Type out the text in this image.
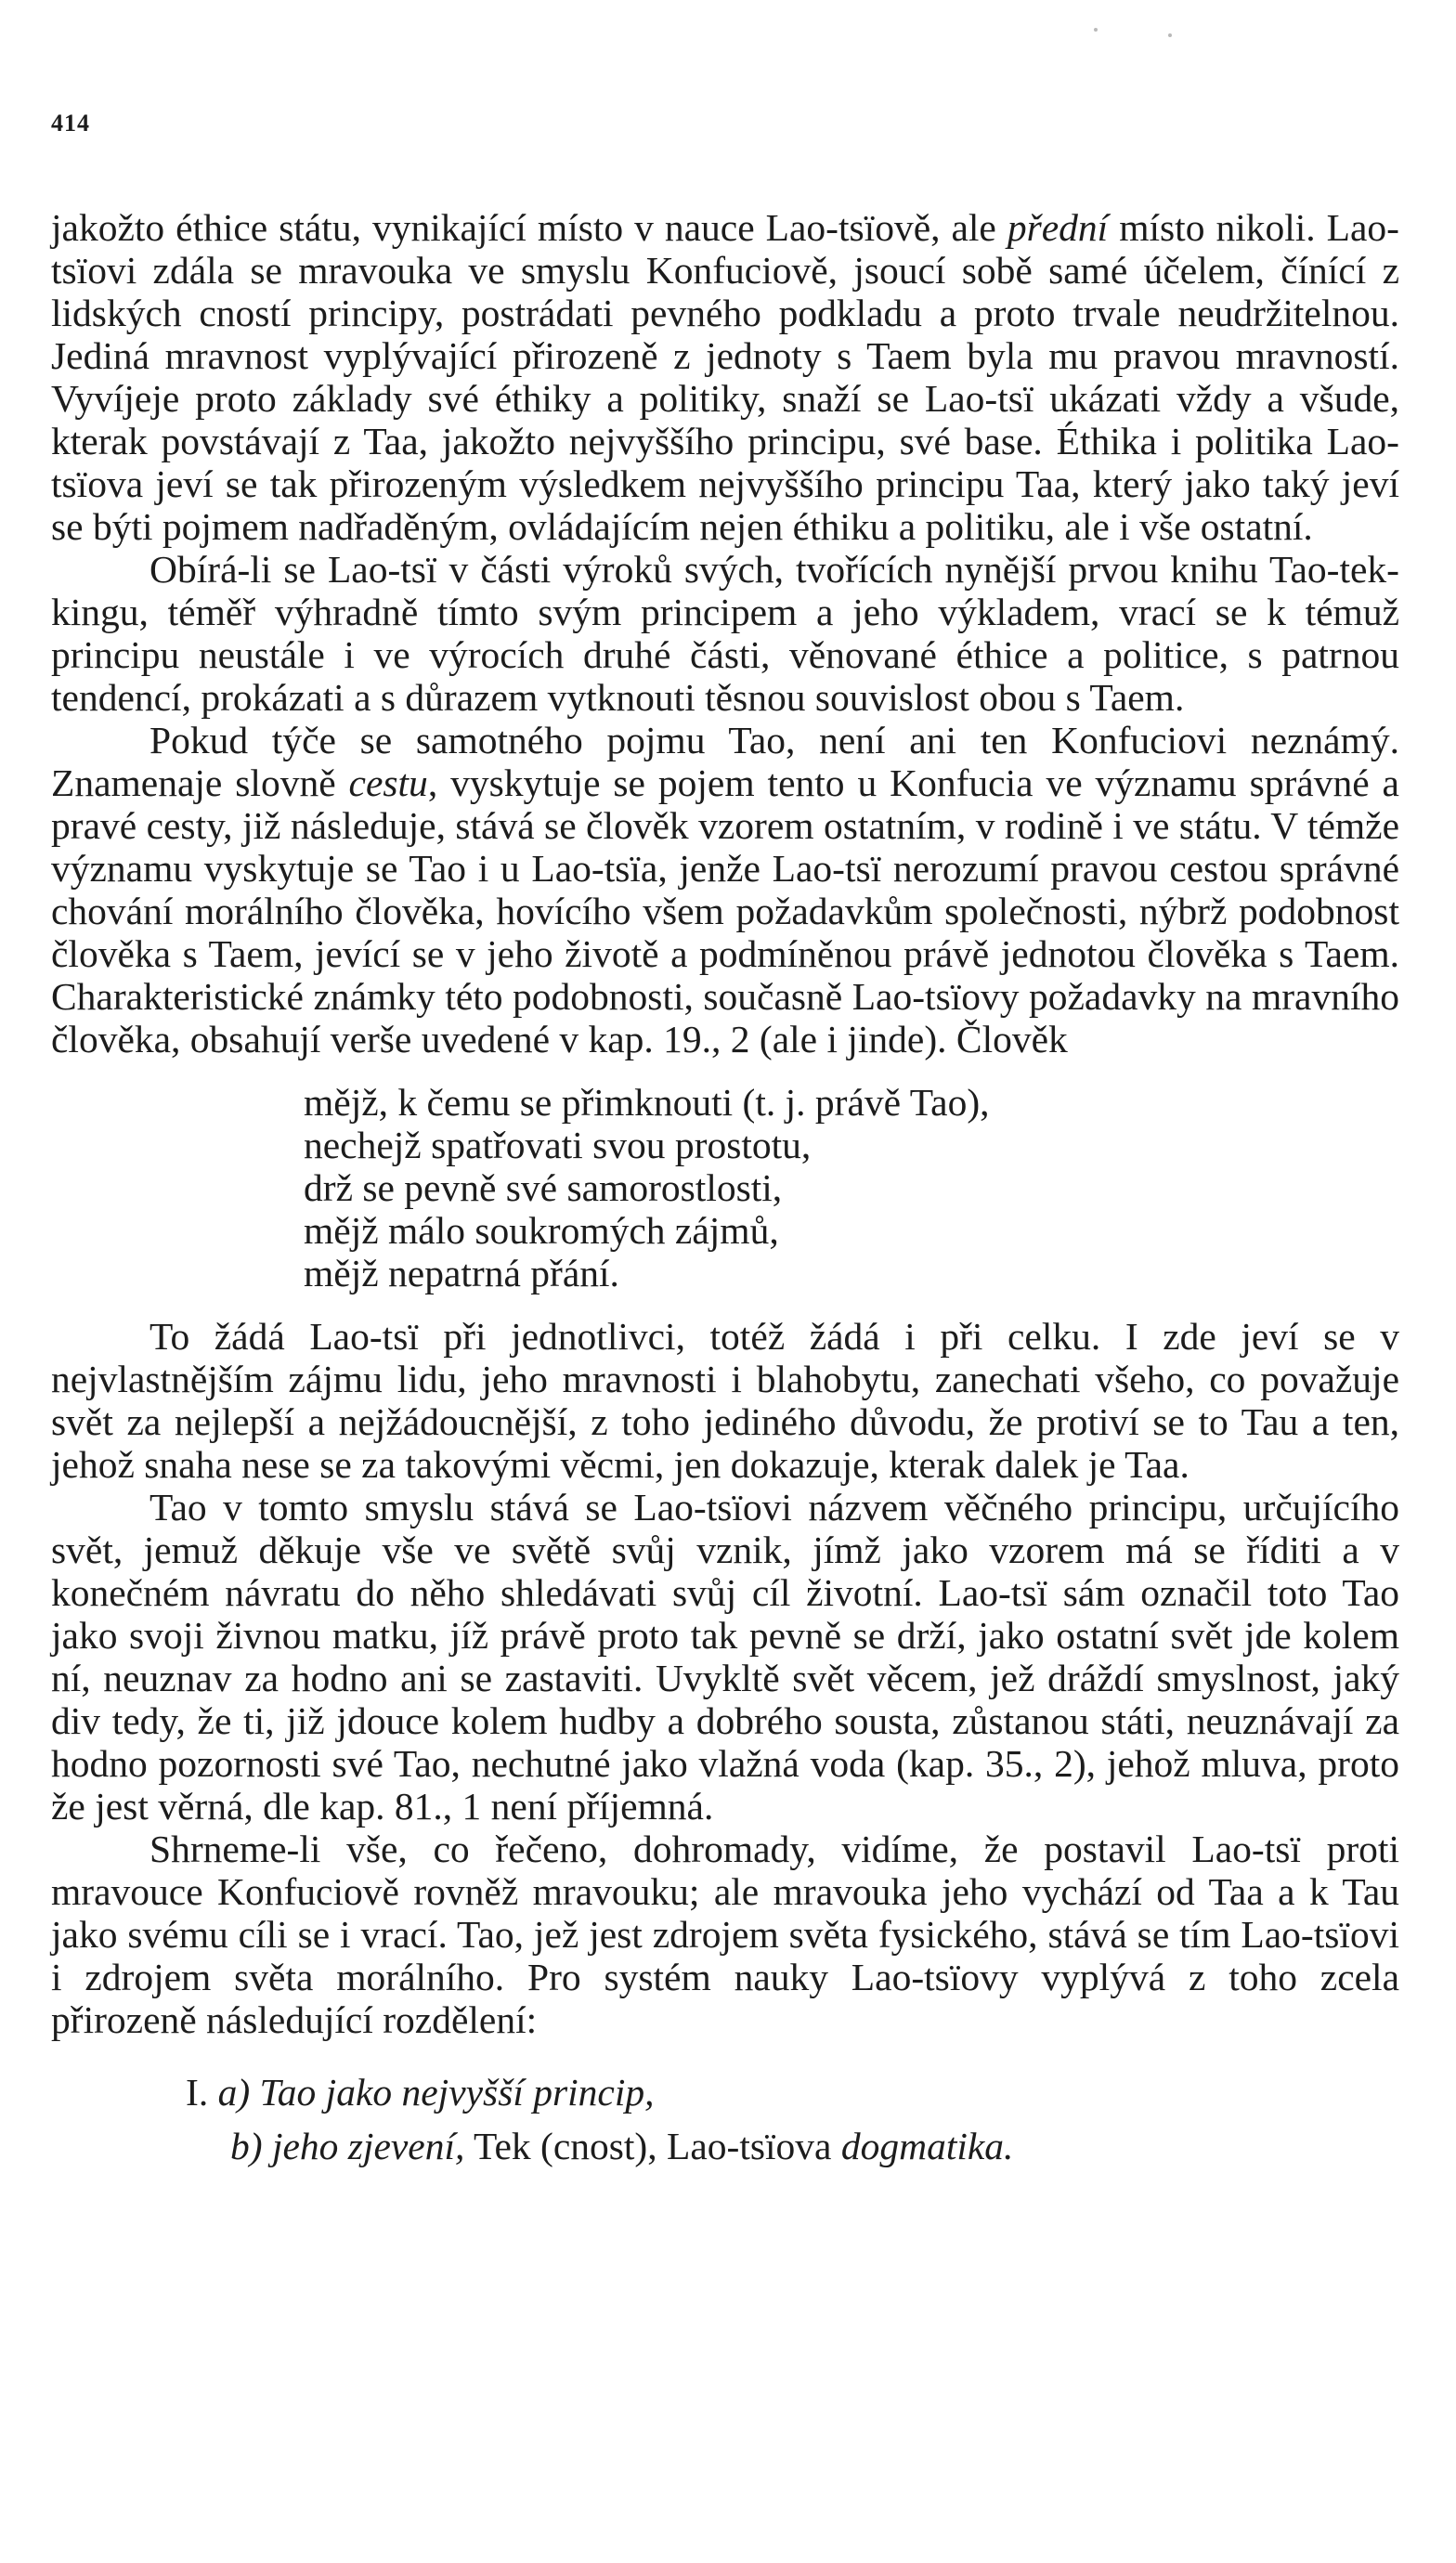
414

jakožto éthice státu, vynikající místo v nauce Lao-tsïově, ale přední místo nikoli. Lao-tsïovi zdála se mravouka ve smyslu Konfuciově, jsoucí sobě samé účelem, čínící z lidských cností principy, postrádati pevného podkladu a proto trvale neudržitelnou. Jediná mravnost vyplývající přirozeně z jednoty s Taem byla mu pravou mravností. Vyvíjeje proto základy své éthiky a politiky, snaží se Lao-tsï ukázati vždy a všude, kterak povstávají z Taa, jakožto nejvyššího principu, své base. Éthika i politika Lao-tsïova jeví se tak přirozeným výsledkem nejvyššího principu Taa, který jako taký jeví se býti pojmem nadřaděným, ovládajícím nejen éthiku a politiku, ale i vše ostatní.

Obírá-li se Lao-tsï v části výroků svých, tvořících nynější prvou knihu Tao-tek-kingu, téměř výhradně tímto svým principem a jeho výkladem, vrací se k témuž principu neustále i ve výrocích druhé části, věnované éthice a politice, s patrnou tendencí, prokázati a s důrazem vytknouti těsnou souvislost obou s Taem.

Pokud týče se samotného pojmu Tao, není ani ten Konfuciovi neznámý. Znamenaje slovně cestu, vyskytuje se pojem tento u Konfucia ve významu správné a pravé cesty, již následuje, stává se člověk vzorem ostatním, v rodině i ve státu. V témže významu vyskytuje se Tao i u Lao-tsïa, jenže Lao-tsï nerozumí pravou cestou správné chování morálního člověka, hovícího všem požadavkům společnosti, nýbrž podobnost člověka s Taem, jevící se v jeho životě a podmíněnou právě jednotou člověka s Taem. Charakteristické známky této podobnosti, současně Lao-tsïovy požadavky na mravního člověka, obsahují verše uvedené v kap. 19., 2 (ale i jinde). Člověk

mějž, k čemu se přimknouti (t. j. právě Tao),
nechejž spatřovati svou prostotu,
drž se pevně své samorostlosti,
mějž málo soukromých zájmů,
mějž nepatrná přání.

To žádá Lao-tsï při jednotlivci, totéž žádá i při celku. I zde jeví se v nejvlastnějším zájmu lidu, jeho mravnosti i blahobytu, zanechati všeho, co považuje svět za nejlepší a nejžádoucnější, z toho jediného důvodu, že protiví se to Tau a ten, jehož snaha nese se za takovými věcmi, jen dokazuje, kterak dalek je Taa.

Tao v tomto smyslu stává se Lao-tsïovi názvem věčného principu, určujícího svět, jemuž děkuje vše ve světě svůj vznik, jímž jako vzorem má se říditi a v konečném návratu do něho shledávati svůj cíl životní. Lao-tsï sám označil toto Tao jako svoji živnou matku, jíž právě proto tak pevně se drží, jako ostatní svět jde kolem ní, neuznav za hodno ani se zastaviti. Uvykltě svět věcem, jež dráždí smyslnost, jaký div tedy, že ti, již jdouce kolem hudby a dobrého sousta, zůstanou státi, neuznávají za hodno pozornosti své Tao, nechutné jako vlažná voda (kap. 35., 2), jehož mluva, proto že jest věrná, dle kap. 81., 1 není příjemná.

Shrneme-li vše, co řečeno, dohromady, vidíme, že postavil Lao-tsï proti mravouce Konfuciově rovněž mravouku; ale mravouka jeho vychází od Taa a k Tau jako svému cíli se i vrací. Tao, jež jest zdrojem světa fysického, stává se tím Lao-tsïovi i zdrojem světa morálního. Pro systém nauky Lao-tsïovy vyplývá z toho zcela přirozeně následující rozdělení:

I. a) Tao jako nejvyšší princip,
b) jeho zjevení, Tek (cnost), Lao-tsïova dogmatika.
